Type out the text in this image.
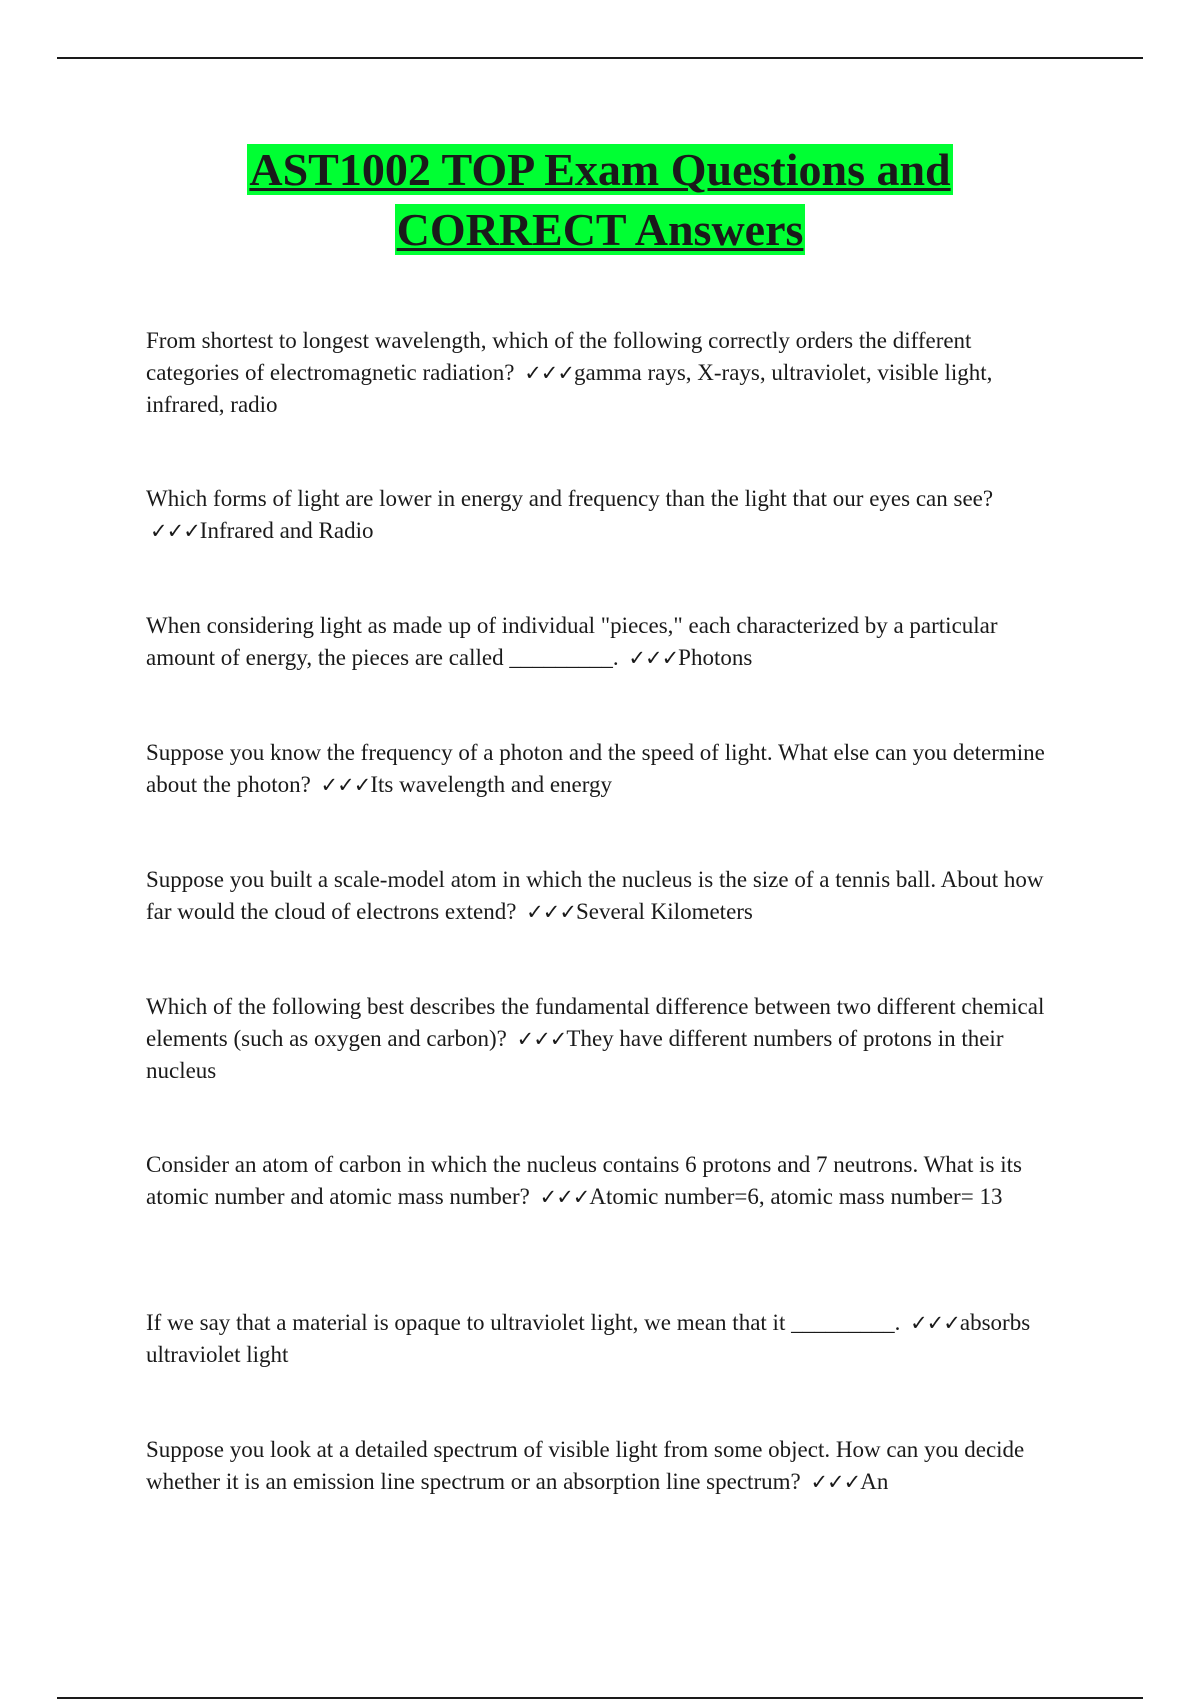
AST1002 TOP Exam Questions and
CORRECT Answers
From shortest to longest wavelength, which of the following correctly orders the different categories of electromagnetic radiation? ✓✓✓gamma rays, X-rays, ultraviolet, visible light, infrared, radio
Which forms of light are lower in energy and frequency than the light that our eyes can see? ✓✓✓Infrared and Radio
When considering light as made up of individual "pieces," each characterized by a particular amount of energy, the pieces are called _________. ✓✓✓Photons
Suppose you know the frequency of a photon and the speed of light. What else can you determine about the photon? ✓✓✓Its wavelength and energy
Suppose you built a scale-model atom in which the nucleus is the size of a tennis ball. About how far would the cloud of electrons extend? ✓✓✓Several Kilometers
Which of the following best describes the fundamental difference between two different chemical elements (such as oxygen and carbon)? ✓✓✓They have different numbers of protons in their nucleus
Consider an atom of carbon in which the nucleus contains 6 protons and 7 neutrons. What is its atomic number and atomic mass number? ✓✓✓Atomic number=6, atomic mass number= 13
If we say that a material is opaque to ultraviolet light, we mean that it _________. ✓✓✓absorbs ultraviolet light
Suppose you look at a detailed spectrum of visible light from some object. How can you decide whether it is an emission line spectrum or an absorption line spectrum? ✓✓✓An
